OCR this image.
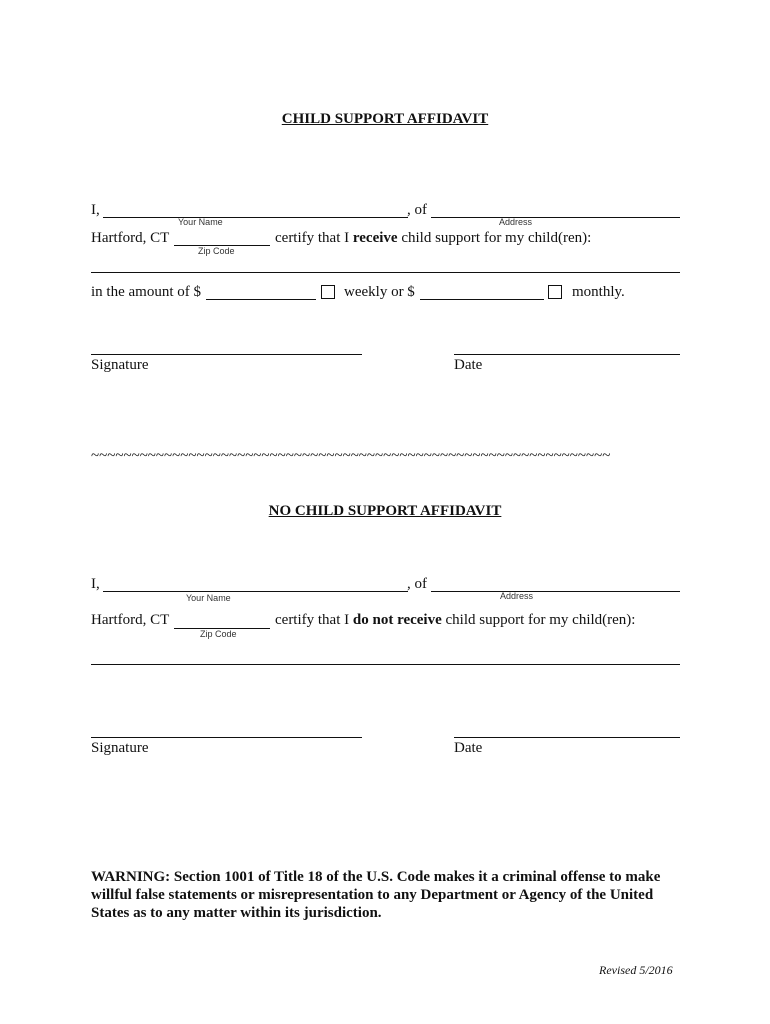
CHILD SUPPORT AFFIDAVIT
I,
Your Name
, of
Address
Hartford, CT
Zip Code
certify that I receive child support for my child(ren):
in the amount of $	weekly or $	monthly.
Signature	Date
~~~~~~~~~~~~~~~~~~~~~~~~~~~~~~~~~~~~~~~~~~~~~~~~~~~~~~~~~~~~~~~~
NO CHILD SUPPORT AFFIDAVIT
I,
Your Name
, of
Address
Hartford, CT
Zip Code
certify that I do not receive child support for my child(ren):
Signature	Date
WARNING: Section 1001 of Title 18 of the U.S. Code makes it a criminal offense to make willful false statements or misrepresentation to any Department or Agency of the United States as to any matter within its jurisdiction.
Revised 5/2016
